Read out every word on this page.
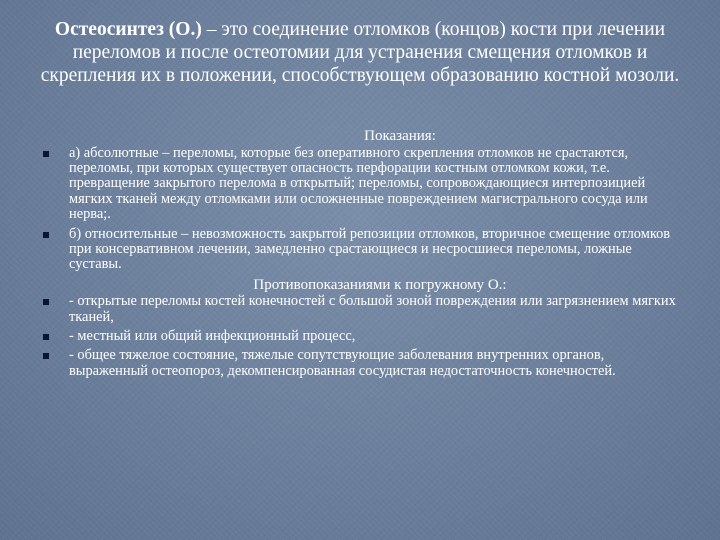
Остеосинтез (О.) – это соединение отломков (концов) кости при лечении переломов и после остеотомии для устранения смещения отломков и скрепления их в положении, способствующем образованию костной мозоли.

Показания:

а) абсолютные – переломы, которые без оперативного скрепления отломков не срастаются, переломы, при которых существует опасность перфорации костным отломком кожи, т.е. превращение закрытого перелома в открытый; переломы, сопровождающиеся интерпозицией мягких тканей между отломками или осложненные повреждением магистрального сосуда или нерва;.
б) относительные – невозможность закрытой репозиции отломков, вторичное смещение отломков при консервативном лечении, замедленно срастающиеся и несросшиеся переломы, ложные суставы.

Противопоказаниями к погружному О.:

- открытые переломы костей конечностей с большой зоной повреждения или загрязнением мягких тканей,
- местный или общий инфекционный процесс,
- общее тяжелое состояние, тяжелые сопутствующие заболевания внутренних органов, выраженный остеопороз, декомпенсированная сосудистая недостаточность конечностей.
